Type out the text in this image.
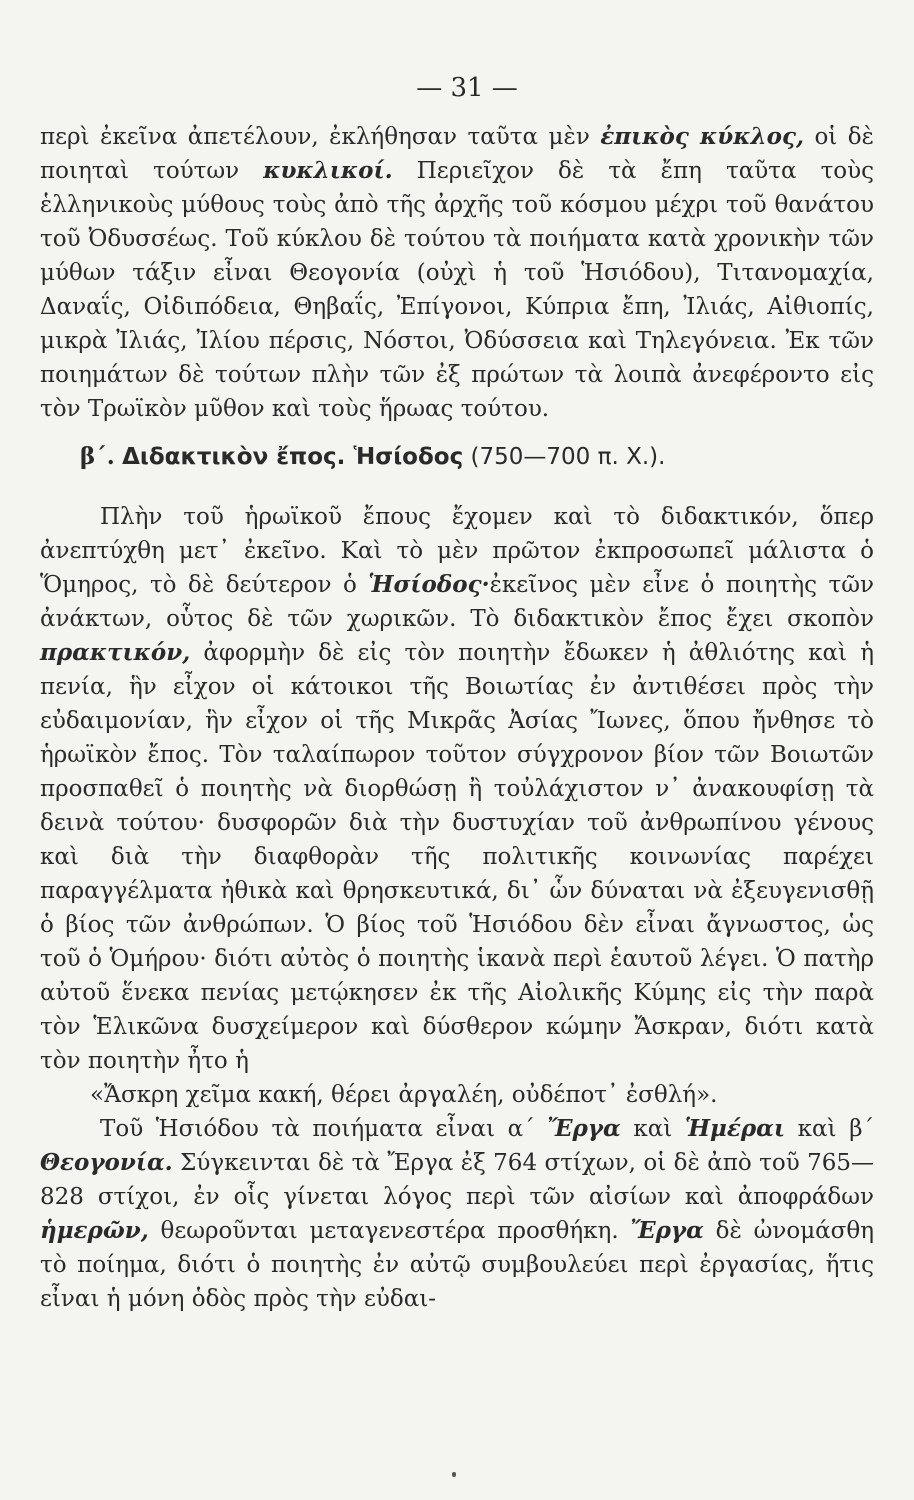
— 31 —

περὶ ἐκεῖνα ἀπετέλουν, ἐκλήθησαν ταῦτα μὲν ἐπικὸς κύκλος, οἱ δὲ ποιηταὶ τούτων κυκλικοί. Περιεῖχον δὲ τὰ ἔπη ταῦτα τοὺς ἑλληνικοὺς μύθους τοὺς ἀπὸ τῆς ἀρχῆς τοῦ κόσμου μέχρι τοῦ θανάτου τοῦ Ὀδυσσέως. Τοῦ κύκλου δὲ τούτου τὰ ποιήματα κατὰ χρονικὴν τῶν μύθων τάξιν εἶναι Θεογονία (οὐχὶ ἡ τοῦ Ἡσιόδου), Τιτανομαχία, Δαναΐς, Οἰδιπόδεια, Θηβαΐς, Ἐπίγονοι, Κύπρια ἔπη, Ἰλιάς, Αἰθιοπίς, μικρὰ Ἰλιάς, Ἰλίου πέρσις, Νόστοι, Ὀδύσσεια καὶ Τηλεγόνεια. Ἐκ τῶν ποιημάτων δὲ τούτων πλὴν τῶν ἐξ πρώτων τὰ λοιπὰ ἀνεφέροντο εἰς τὸν Τρωϊκὸν μῦθον καὶ τοὺς ἥρωας τούτου.

β΄. Διδακτικὸν ἔπος. Ἡσίοδος (750—700 π. Χ.).

Πλὴν τοῦ ἡρωϊκοῦ ἔπους ἔχομεν καὶ τὸ διδακτικόν, ὅπερ ἀνεπτύχθη μετ᾽ ἐκεῖνο. Καὶ τὸ μὲν πρῶτον ἐκπροσωπεῖ μάλιστα ὁ Ὅμηρος, τὸ δὲ δεύτερον ὁ Ἡσίοδος·ἐκεῖνος μὲν εἶνε ὁ ποιητὴς τῶν ἀνάκτων, οὗτος δὲ τῶν χωρικῶν. Τὸ διδακτικὸν ἔπος ἔχει σκοπὸν πρακτικόν, ἀφορμὴν δὲ εἰς τὸν ποιητὴν ἔδωκεν ἡ ἀθλιότης καὶ ἡ πενία, ἣν εἶχον οἱ κάτοικοι τῆς Βοιωτίας ἐν ἀντιθέσει πρὸς τὴν εὐδαιμονίαν, ἣν εἶχον οἱ τῆς Μικρᾶς Ἀσίας Ἴωνες, ὅπου ἤνθησε τὸ ἡρωϊκὸν ἔπος. Τὸν ταλαίπωρον τοῦτον σύγχρονον βίον τῶν Βοιωτῶν προσπαθεῖ ὁ ποιητὴς νὰ διορθώσῃ ἢ τοὐλάχιστον ν᾽ ἀνακουφίσῃ τὰ δεινὰ τούτου· δυσφορῶν διὰ τὴν δυστυχίαν τοῦ ἀνθρωπίνου γένους καὶ διὰ τὴν διαφθορὰν τῆς πολιτικῆς κοινωνίας παρέχει παραγγέλματα ἠθικὰ καὶ θρησκευτικά, δι᾽ ὧν δύναται νὰ ἐξευγενισθῇ ὁ βίος τῶν ἀνθρώπων. Ὁ βίος τοῦ Ἡσιόδου δὲν εἶναι ἄγνωστος, ὡς τοῦ ὁ Ὁμήρου· διότι αὐτὸς ὁ ποιητὴς ἱκανὰ περὶ ἑαυτοῦ λέγει. Ὁ πατὴρ αὐτοῦ ἕνεκα πενίας μετῴκησεν ἐκ τῆς Αἰολικῆς Κύμης εἰς τὴν παρὰ τὸν Ἑλικῶνα δυσχείμερον καὶ δύσθερον κώμην Ἄσκραν, διότι κατὰ τὸν ποιητὴν ἦτο ἡ

«Ἄσκρη χεῖμα κακή, θέρει ἀργαλέη, οὐδέποτ᾽ ἐσθλή».

Τοῦ Ἡσιόδου τὰ ποιήματα εἶναι α΄ Ἔργα καὶ Ἡμέραι καὶ β΄ Θεογονία. Σύγκεινται δὲ τὰ Ἔργα ἐξ 764 στίχων, οἱ δὲ ἀπὸ τοῦ 765—828 στίχοι, ἐν οἷς γίνεται λόγος περὶ τῶν αἰσίων καὶ ἀποφράδων ἡμερῶν, θεωροῦνται μεταγενεστέρα προσθήκη. Ἔργα δὲ ὠνομάσθη τὸ ποίημα, διότι ὁ ποιητὴς ἐν αὐτῷ συμβουλεύει περὶ ἐργασίας, ἥτις εἶναι ἡ μόνη ὁδὸς πρὸς τὴν εὐδαι-
